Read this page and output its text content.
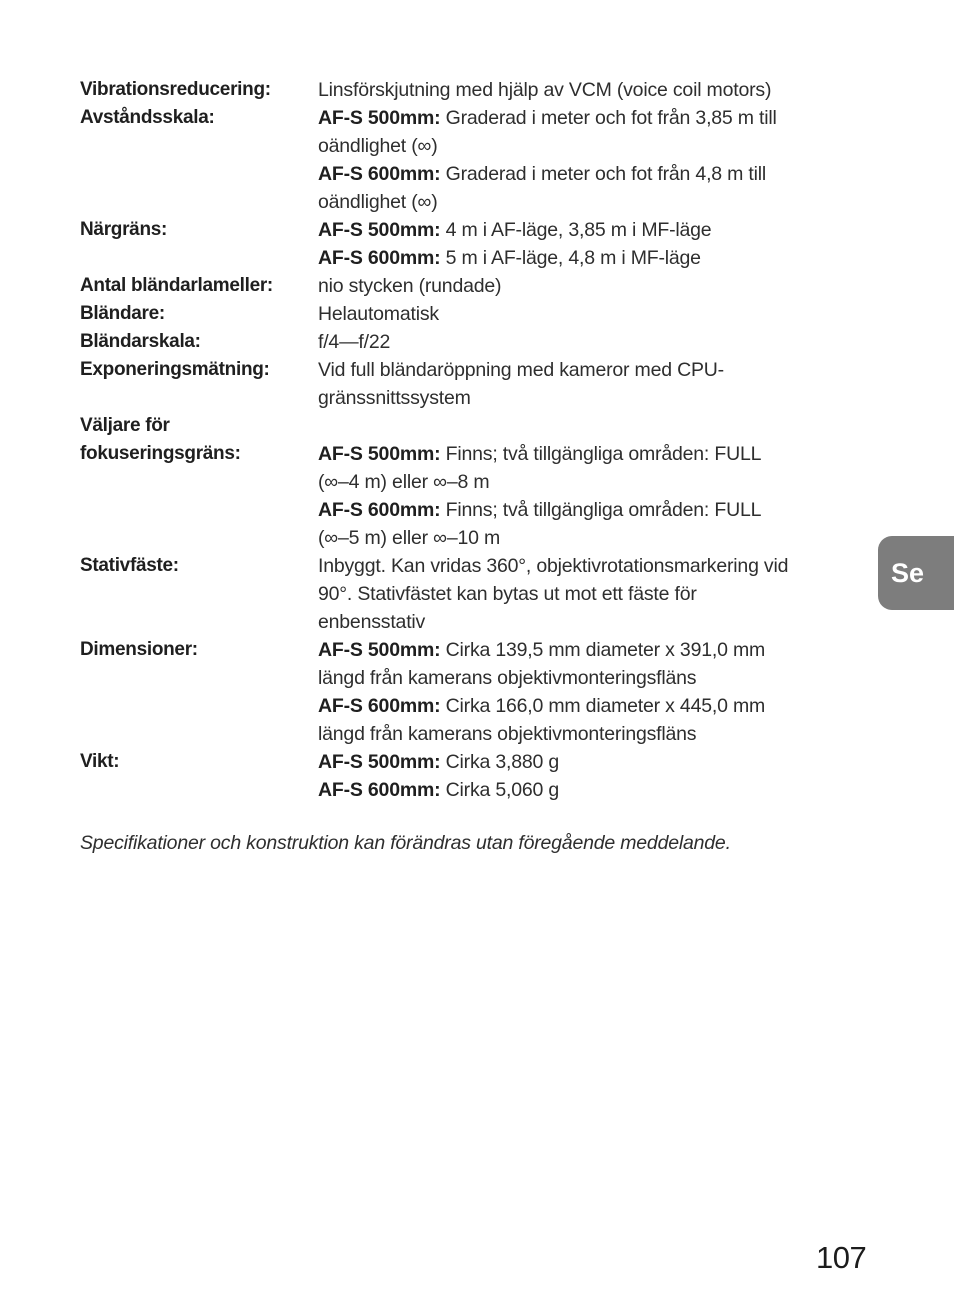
Vibrationsreducering:	Linsförskjutning med hjälp av VCM (voice coil motors)
Avståndsskala:	AF-S 500mm: Graderad i meter och fot från 3,85 m till
oändlighet (∞)
AF-S 600mm: Graderad i meter och fot från 4,8 m till
oändlighet (∞)
Närgräns:	AF-S 500mm: 4 m i AF-läge, 3,85 m i MF-läge
AF-S 600mm: 5 m i AF-läge, 4,8 m i MF-läge
Antal bländarlameller:	nio stycken (rundade)
Bländare:	Helautomatisk
Bländarskala:	f/4—f/22
Exponeringsmätning:	Vid full bländaröppning med kameror med CPU-
gränssnittssystem
Väljare för
fokuseringsgräns:	AF-S 500mm: Finns; två tillgängliga områden: FULL
(∞–4 m) eller ∞–8 m
AF-S 600mm: Finns; två tillgängliga områden: FULL
(∞–5 m) eller ∞–10 m
Stativfäste:	Inbyggt. Kan vridas 360°, objektivrotationsmarkering vid
90°. Stativfästet kan bytas ut mot ett fäste för
enbensstativ
Dimensioner:	AF-S 500mm: Cirka 139,5 mm diameter x 391,0 mm
längd från kamerans objektivmonteringsfläns
AF-S 600mm: Cirka 166,0 mm diameter x 445,0 mm
längd från kamerans objektivmonteringsfläns
Vikt:	AF-S 500mm: Cirka 3,880 g
AF-S 600mm: Cirka 5,060 g

Specifikationer och konstruktion kan förändras utan föregående meddelande.

Se
107
